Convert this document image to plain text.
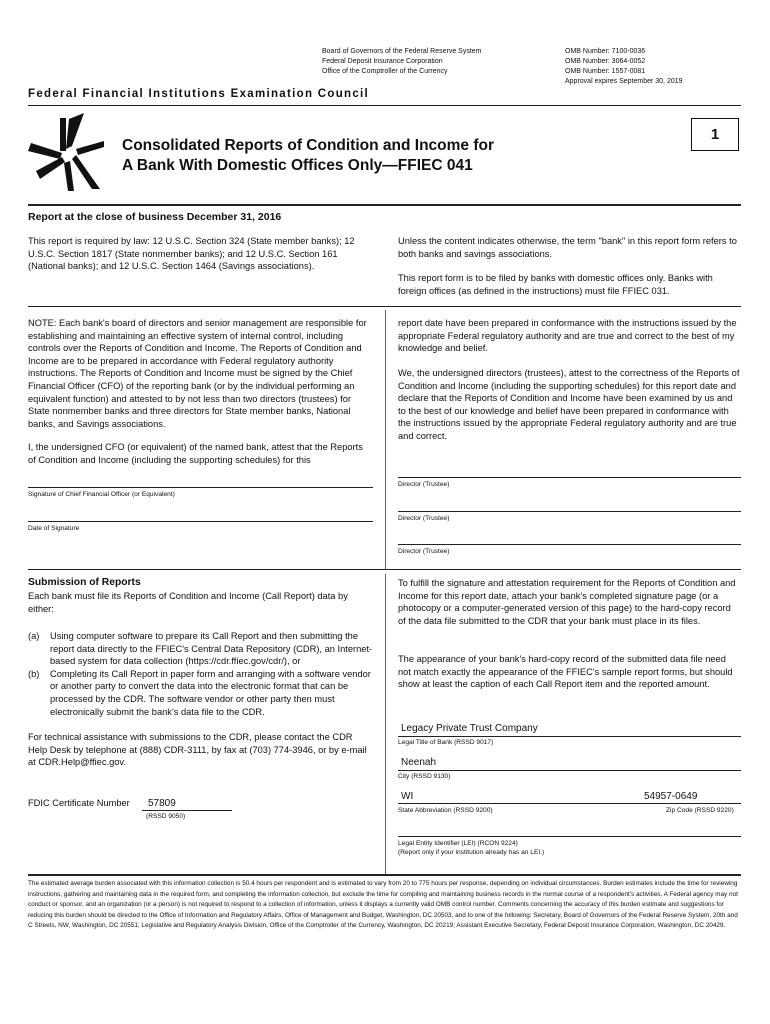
Board of Governors of the Federal Reserve System
Federal Deposit Insurance Corporation
Office of the Comptroller of the Currency
OMB Number: 7100-0036
OMB Number: 3064-0052
OMB Number: 1557-0081
Approval expires September 30, 2019
Federal Financial Institutions Examination Council
Consolidated Reports of Condition and Income for
A Bank With Domestic Offices Only—FFIEC 041
1
Report at the close of business December 31, 2016
This report is required by law: 12 U.S.C. Section 324 (State member banks); 12 U.S.C. Section 1817 (State nonmember banks); and 12 U.S.C. Section 161 (National banks); and 12 U.S.C. Section 1464 (Savings associations).
Unless the content indicates otherwise, the term "bank" in this report form refers to both banks and savings associations.
This report form is to be filed by banks with domestic offices only. Banks with foreign offices (as defined in the instructions) must file FFIEC 031.
NOTE: Each bank's board of directors and senior management are responsible for establishing and maintaining an effective system of internal control, including controls over the Reports of Condition and Income. The Reports of Condition and Income are to be prepared in accordance with Federal regulatory authority instructions. The Reports of Condition and Income must be signed by the Chief Financial Officer (CFO) of the reporting bank (or by the individual performing an equivalent function) and attested to by not less than two directors (trustees) for State nonmember banks and three directors for State member banks, National banks, and Savings associations.
I, the undersigned CFO (or equivalent) of the named bank, attest that the Reports of Condition and Income (including the supporting schedules) for this
report date have been prepared in conformance with the instructions issued by the appropriate Federal regulatory authority and are true and correct to the best of my knowledge and belief.
We, the undersigned directors (trustees), attest to the correctness of the Reports of Condition and Income (including the supporting schedules) for this report date and declare that the Reports of Condition and Income have been examined by us and to the best of our knowledge and belief have been prepared in conformance with the instructions issued by the appropriate Federal regulatory authority and are true and correct.
Signature of Chief Financial Officer (or Equivalent)
Date of Signature
Director (Trustee)
Director (Trustee)
Director (Trustee)
Submission of Reports
Each bank must file its Reports of Condition and Income (Call Report) data by either:
(a) Using computer software to prepare its Call Report and then submitting the report data directly to the FFIEC's Central Data Repository (CDR), an Internet-based system for data collection (https://cdr.ffiec.gov/cdr/), or
(b) Completing its Call Report in paper form and arranging with a software vendor or another party to convert the data into the electronic format that can be processed by the CDR. The software vendor or other party then must electronically submit the bank's data file to the CDR.
For technical assistance with submissions to the CDR, please contact the CDR Help Desk by telephone at (888) CDR-3111, by fax at (703) 774-3946, or by e-mail at CDR.Help@ffiec.gov.
To fulfill the signature and attestation requirement for the Reports of Condition and Income for this report date, attach your bank's completed signature page (or a photocopy or a computer-generated version of this page) to the hard-copy record of the data file submitted to the CDR that your bank must place in its files.
The appearance of your bank's hard-copy record of the submitted data file need not match exactly the appearance of the FFIEC's sample report forms, but should show at least the caption of each Call Report item and the reported amount.
Legacy Private Trust Company
Legal Title of Bank (RSSD 9017)
Neenah
City (RSSD 9130)
WI	54957-0649
State Abbreviation (RSSD 9200)	Zip Code (RSSD 9220)
Legal Entity Identifier (LEI) (RCON 9224)
(Report only if your institution already has an LEI.)
FDIC Certificate Number 57809
(RSSD 9050)
The estimated average burden associated with this information collection is 50.4 hours per respondent and is estimated to vary from 20 to 775 hours per response, depending on individual circumstances. Burden estimates include the time for reviewing instructions, gathering and maintaining data in the required form, and completing the information collection, but exclude the time for compiling and maintaining business records in the normal course of a respondent's activities. A Federal agency may not conduct or sponsor, and an organization (or a person) is not required to respond to a collection of information, unless it displays a currently valid OMB control number. Comments concerning the accuracy of this burden estimate and suggestions for reducing this burden should be directed to the Office of Information and Regulatory Affairs, Office of Management and Budget, Washington, DC 20503, and to one of the following: Secretary, Board of Governors of the Federal Reserve System, 20th and C Streets, NW, Washington, DC 20551; Legislative and Regulatory Analysis Division, Office of the Comptroller of the Currency, Washington, DC 20219; Assistant Executive Secretary, Federal Deposit Insurance Corporation, Washington, DC 20429.
